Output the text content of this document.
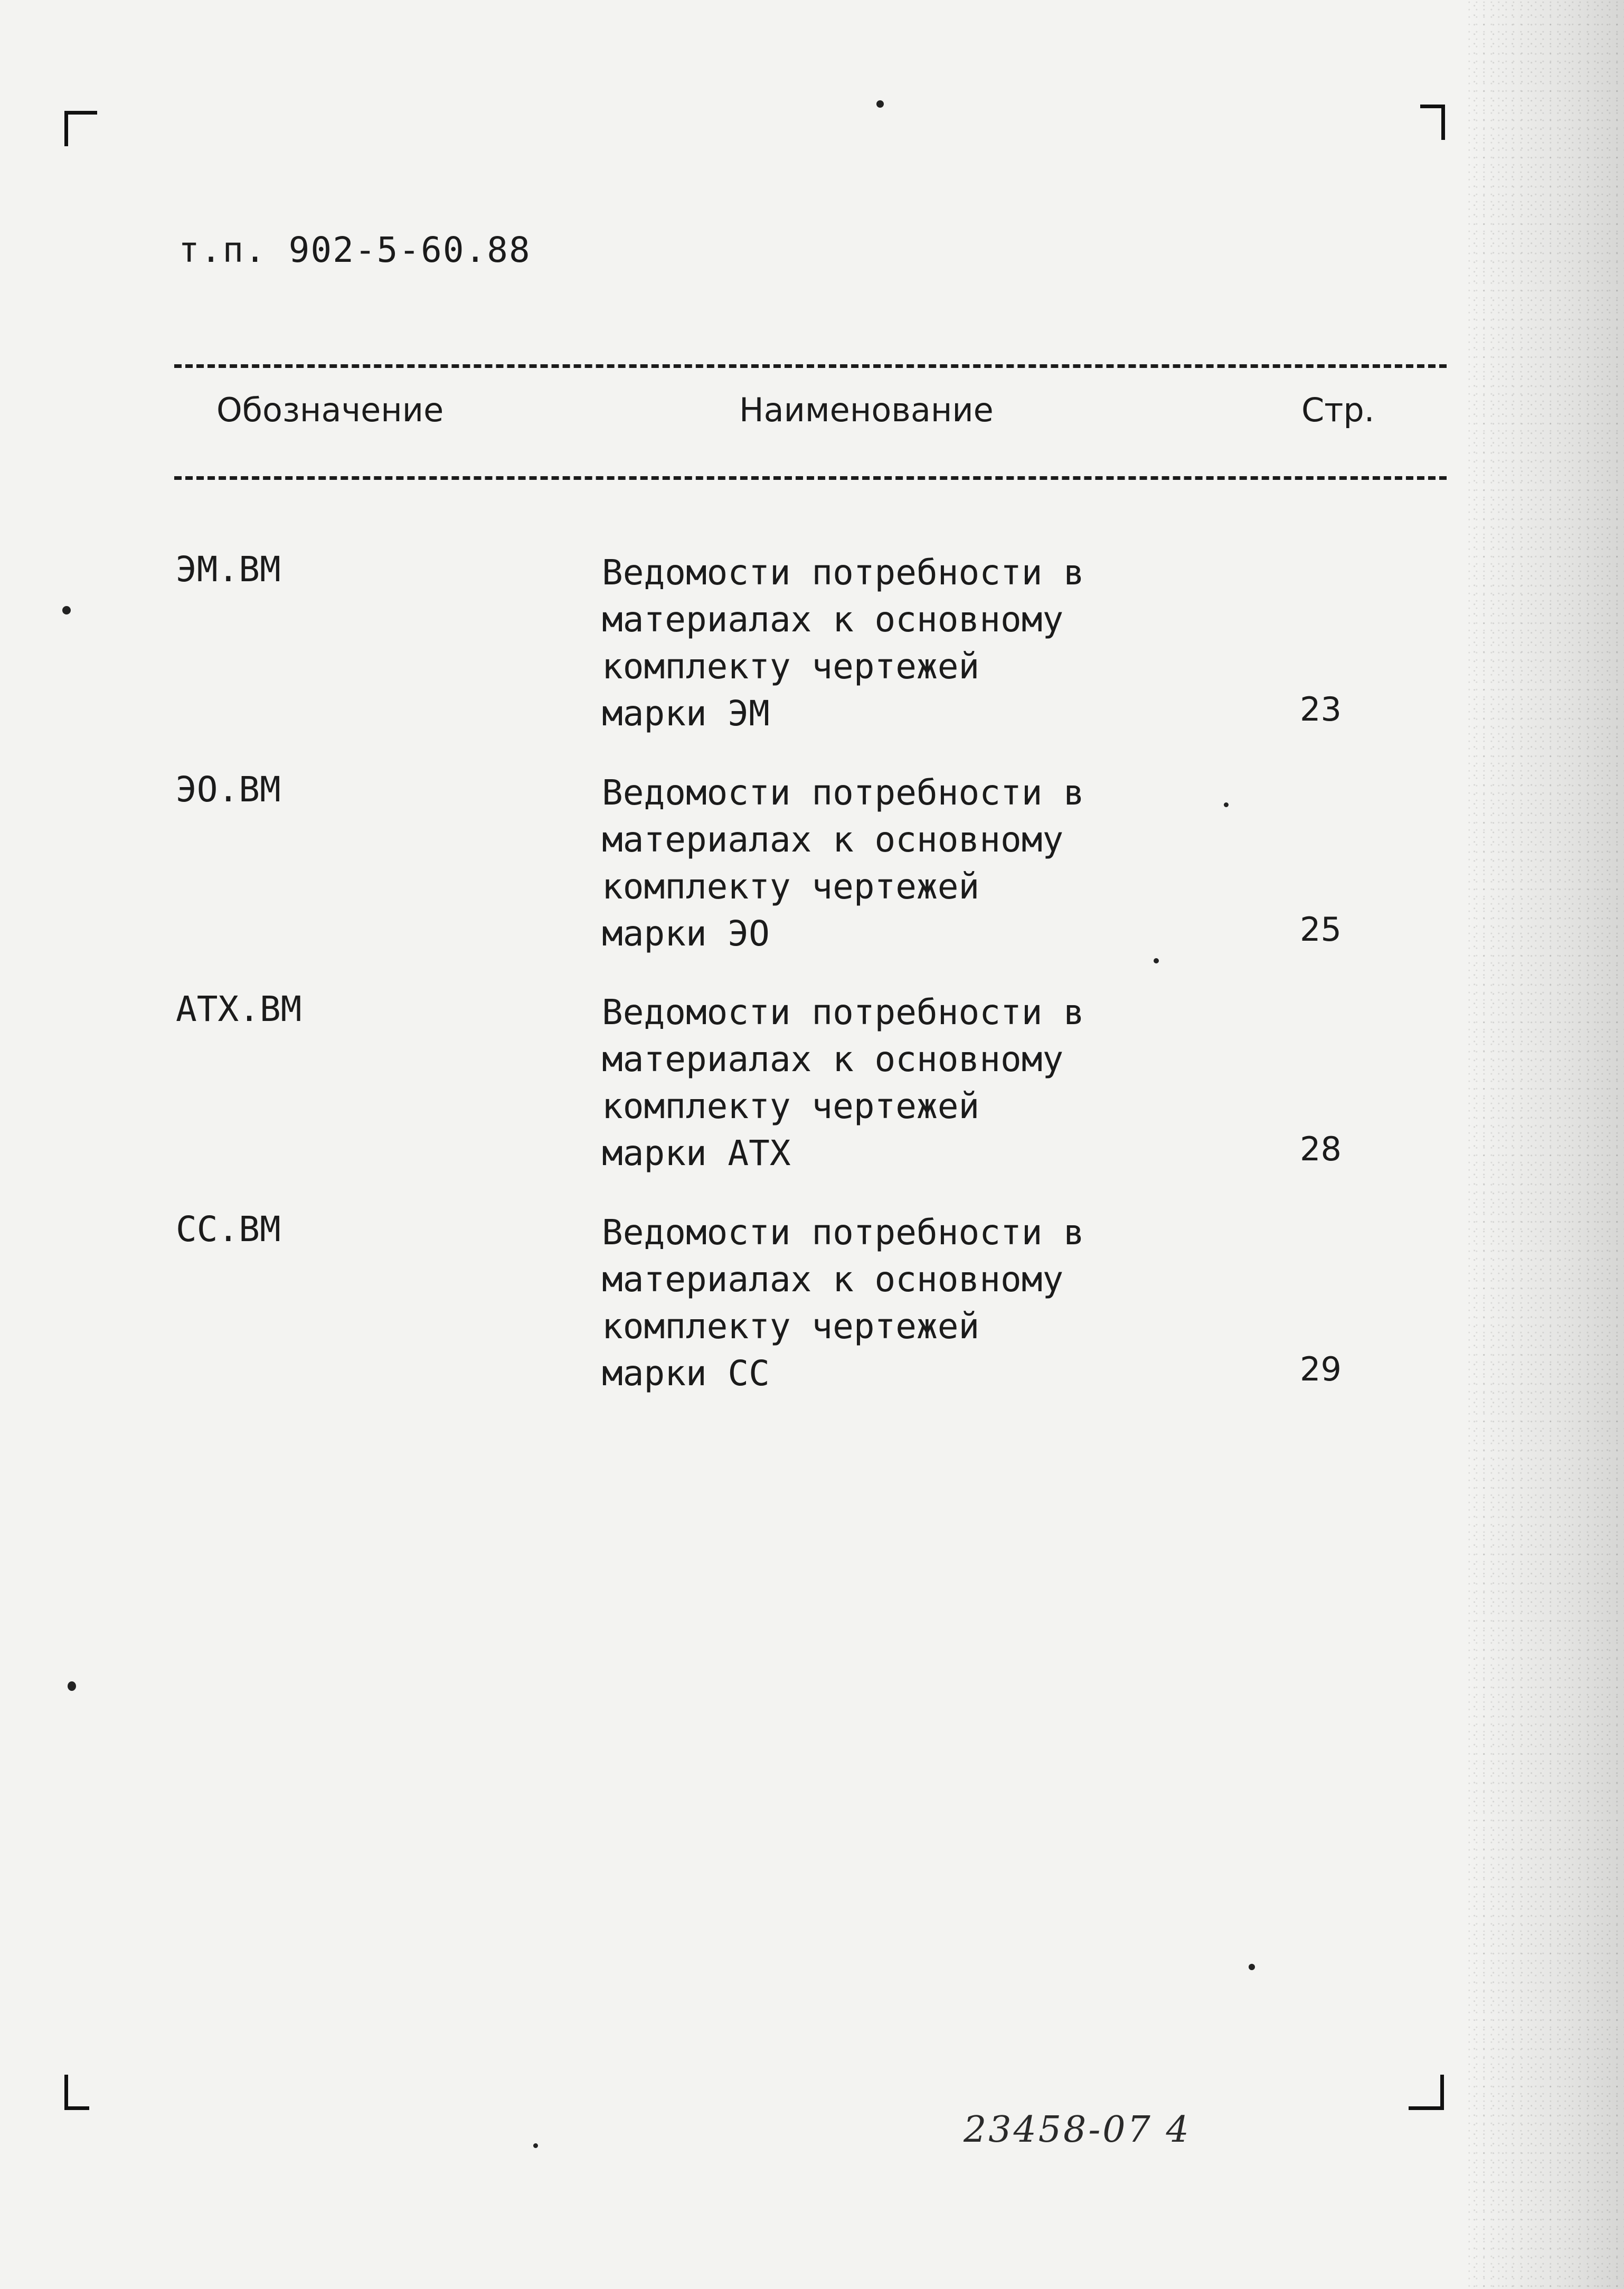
т.п. 902-5-60.88
Обозначение	Наименование	Стр.
ЭМ.ВМ	Ведомости потребности в
материалах к основному
комплекту чертежей
марки ЭМ	23
ЭО.ВМ	Ведомости потребности в
материалах к основному
комплекту чертежей
марки ЭО	25
АТХ.ВМ	Ведомости потребности в
материалах к основному
комплекту чертежей
марки АТХ	28
СС.ВМ	Ведомости потребности в
материалах к основному
комплекту чертежей
марки СС	29
23458-07 4
